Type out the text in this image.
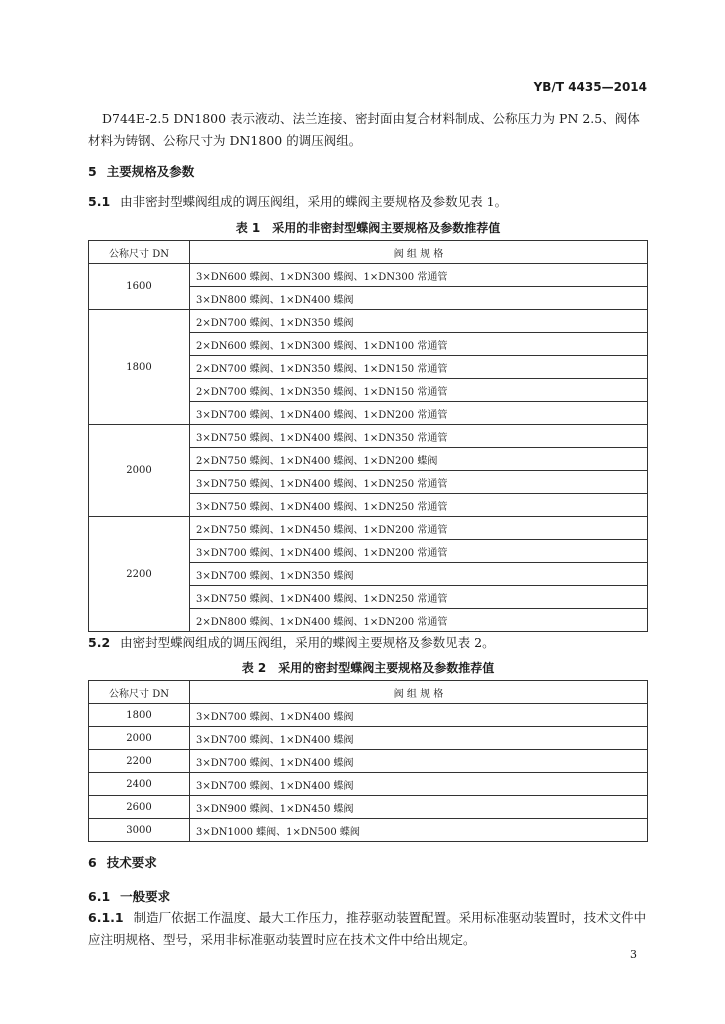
YB/T 4435—2014
D744E-2.5 DN1800 表示液动、法兰连接、密封面由复合材料制成、公称压力为 PN 2.5、阀体材料为铸钢、公称尺寸为 DN1800 的调压阀组。
5 主要规格及参数
5.1 由非密封型蝶阀组成的调压阀组，采用的蝶阀主要规格及参数见表 1。
表 1　采用的非密封型蝶阀主要规格及参数推荐值
公称尺寸 DN	阀 组 规 格
1600	3×DN600 蝶阀、1×DN300 蝶阀、1×DN300 常通管
	3×DN800 蝶阀、1×DN400 蝶阀
1800	2×DN700 蝶阀、1×DN350 蝶阀
	2×DN600 蝶阀、1×DN300 蝶阀、1×DN100 常通管
	2×DN700 蝶阀、1×DN350 蝶阀、1×DN150 常通管
	2×DN700 蝶阀、1×DN350 蝶阀、1×DN150 常通管
	3×DN700 蝶阀、1×DN400 蝶阀、1×DN200 常通管
2000	3×DN750 蝶阀、1×DN400 蝶阀、1×DN350 常通管
	2×DN750 蝶阀、1×DN400 蝶阀、1×DN200 蝶阀
	3×DN750 蝶阀、1×DN400 蝶阀、1×DN250 常通管
	3×DN750 蝶阀、1×DN400 蝶阀、1×DN250 常通管
2200	2×DN750 蝶阀、1×DN450 蝶阀、1×DN200 常通管
	3×DN700 蝶阀、1×DN400 蝶阀、1×DN200 常通管
	3×DN700 蝶阀、1×DN350 蝶阀
	3×DN750 蝶阀、1×DN400 蝶阀、1×DN250 常通管
	2×DN800 蝶阀、1×DN400 蝶阀、1×DN200 常通管
5.2 由密封型蝶阀组成的调压阀组，采用的蝶阀主要规格及参数见表 2。
表 2　采用的密封型蝶阀主要规格及参数推荐值
公称尺寸 DN	阀 组 规 格
1800	3×DN700 蝶阀、1×DN400 蝶阀
2000	3×DN700 蝶阀、1×DN400 蝶阀
2200	3×DN700 蝶阀、1×DN400 蝶阀
2400	3×DN700 蝶阀、1×DN400 蝶阀
2600	3×DN900 蝶阀、1×DN450 蝶阀
3000	3×DN1000 蝶阀、1×DN500 蝶阀
6 技术要求
6.1 一般要求
6.1.1 制造厂依据工作温度、最大工作压力，推荐驱动装置配置。采用标准驱动装置时，技术文件中应注明规格、型号，采用非标准驱动装置时应在技术文件中给出规定。
3
